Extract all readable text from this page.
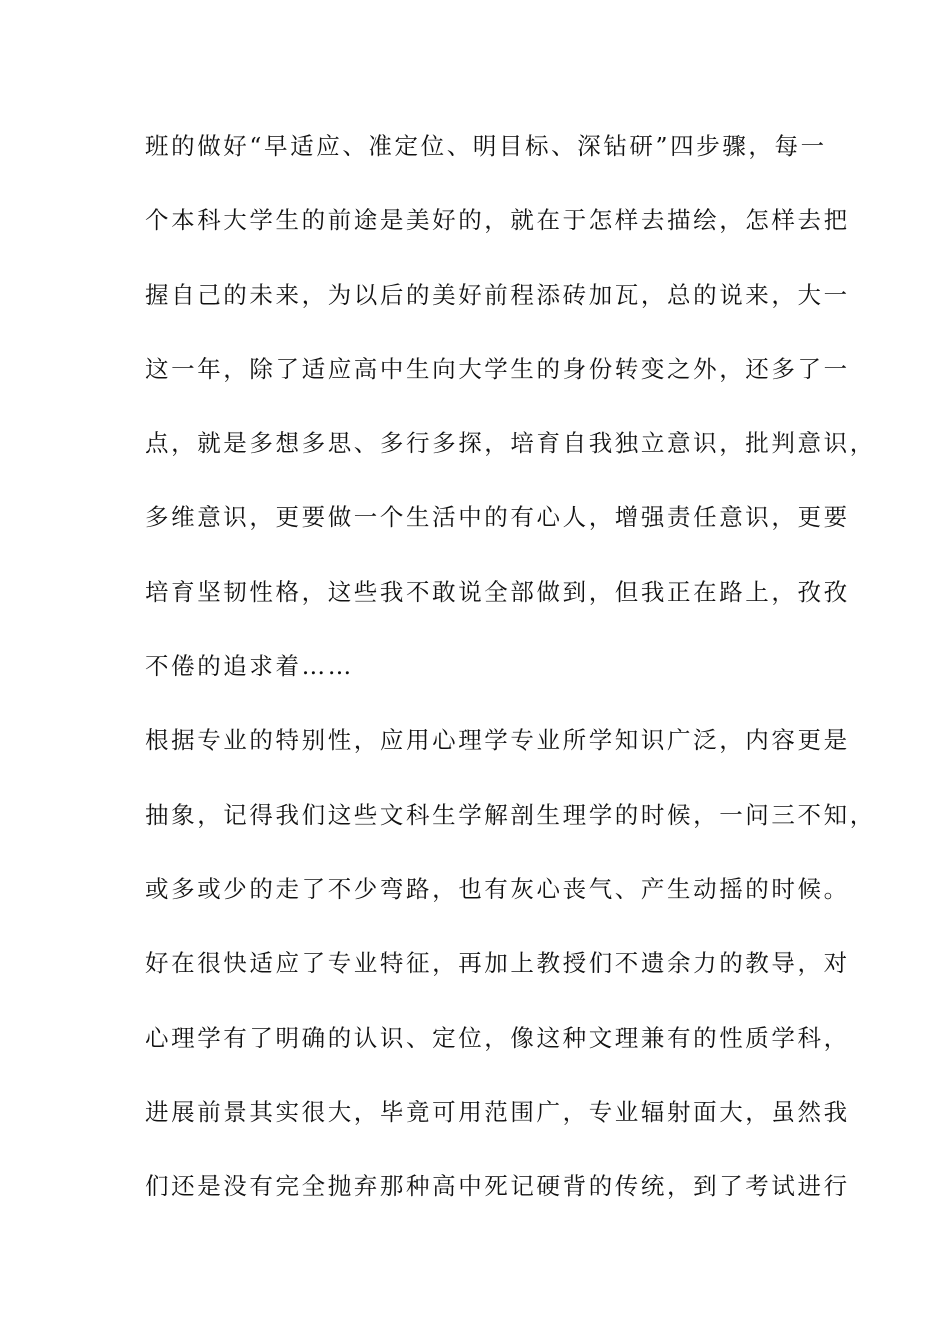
班的做好“早适应、准定位、明目标、深钻研”四步骤，每一
个本科大学生的前途是美好的，就在于怎样去描绘，怎样去把
握自己的未来，为以后的美好前程添砖加瓦，总的说来，大一
这一年，除了适应高中生向大学生的身份转变之外，还多了一
点，就是多想多思、多行多探，培育自我独立意识，批判意识，
多维意识，更要做一个生活中的有心人，增强责任意识，更要
培育坚韧性格，这些我不敢说全部做到，但我正在路上，孜孜
不倦的追求着……
根据专业的特别性，应用心理学专业所学知识广泛，内容更是
抽象，记得我们这些文科生学解剖生理学的时候，一问三不知，
或多或少的走了不少弯路，也有灰心丧气、产生动摇的时候。
好在很快适应了专业特征，再加上教授们不遗余力的教导，对
心理学有了明确的认识、定位，像这种文理兼有的性质学科，
进展前景其实很大，毕竟可用范围广，专业辐射面大，虽然我
们还是没有完全抛弃那种高中死记硬背的传统，到了考试进行
